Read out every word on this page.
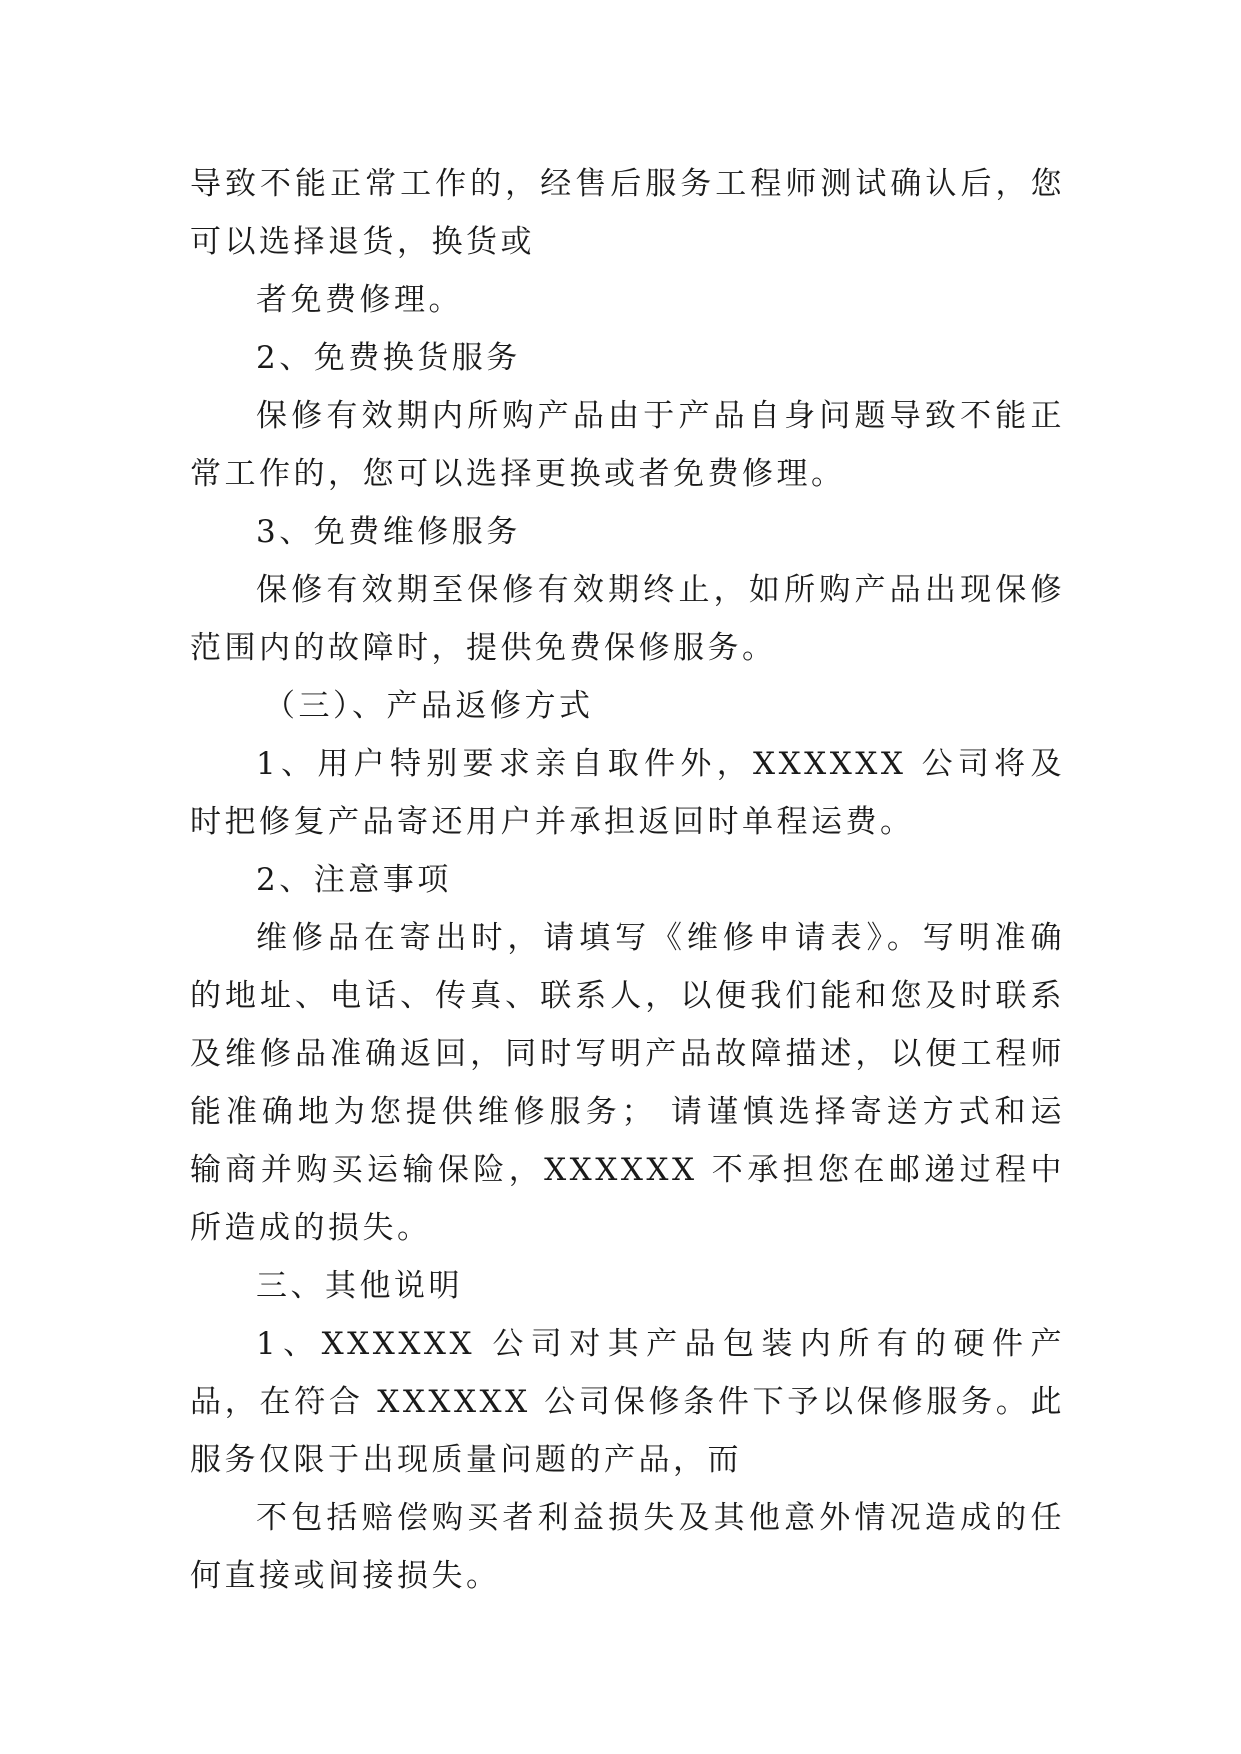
导致不能正常工作的，经售后服务工程师测试确认后，您可以选择退货，换货或

者免费修理。

2、免费换货服务

保修有效期内所购产品由于产品自身问题导致不能正常工作的，您可以选择更换或者免费修理。

3、免费维修服务

保修有效期至保修有效期终止，如所购产品出现保修范围内的故障时，提供免费保修服务。

（三）、产品返修方式

1、用户特别要求亲自取件外，XXXXXX 公司将及时把修复产品寄还用户并承担返回时单程运费。

2、注意事项

维修品在寄出时，请填写《维修申请表》。写明准确的地址、电话、传真、联系人，以便我们能和您及时联系及维修品准确返回，同时写明产品故障描述，以便工程师能准确地为您提供维修服务； 请谨慎选择寄送方式和运输商并购买运输保险，XXXXXX 不承担您在邮递过程中所造成的损失。

三、其他说明

1、XXXXXX 公司对其产品包装内所有的硬件产品，在符合 XXXXXX 公司保修条件下予以保修服务。此服务仅限于出现质量问题的产品，而

不包括赔偿购买者利益损失及其他意外情况造成的任何直接或间接损失。
